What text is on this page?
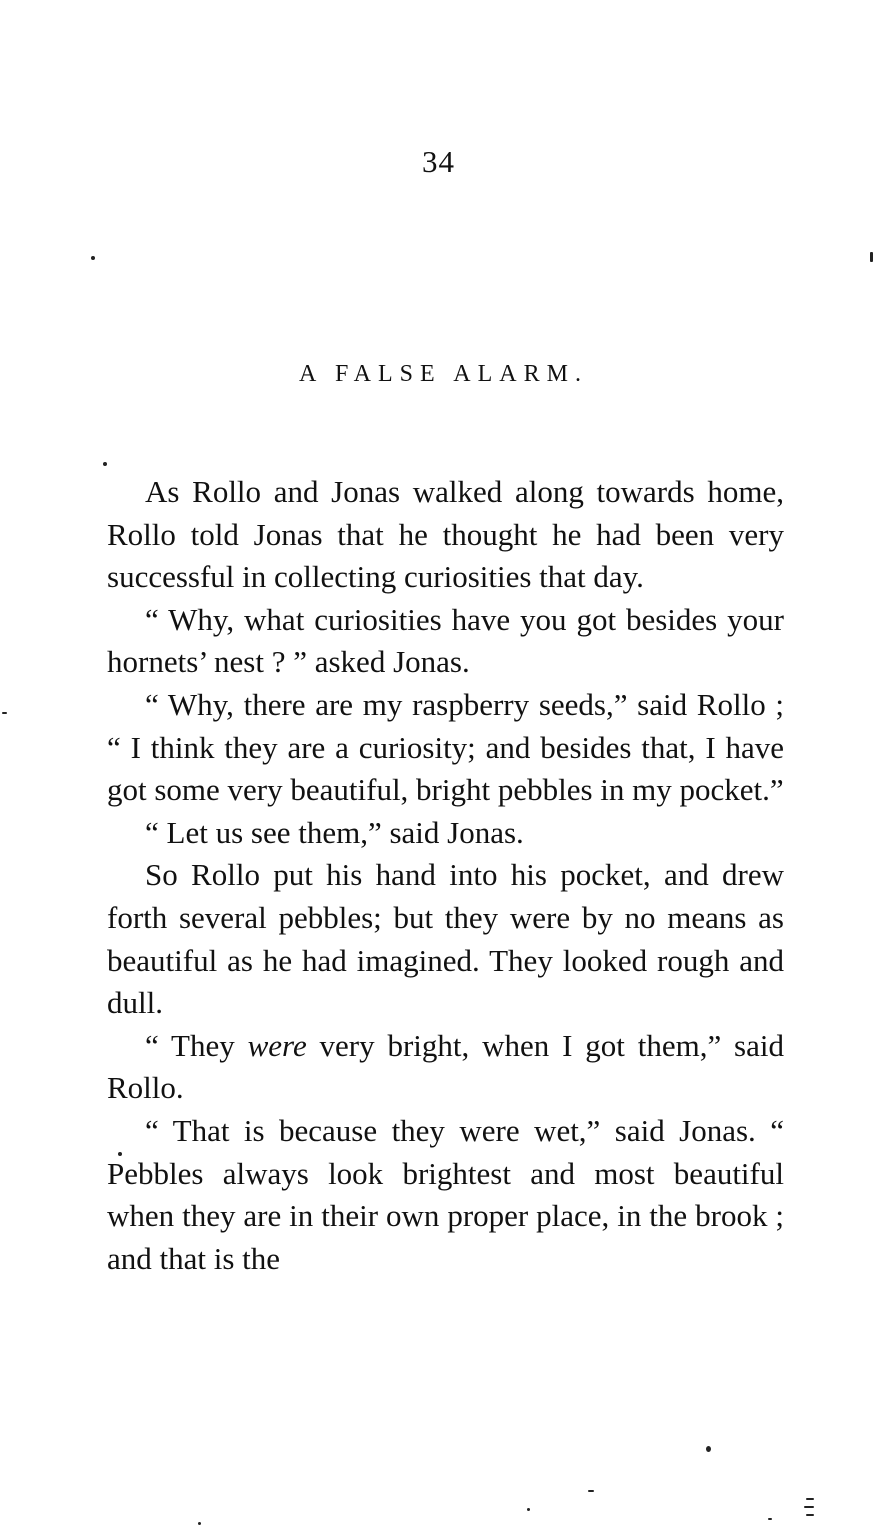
34
A FALSE ALARM.

As Rollo and Jonas walked along towards home, Rollo told Jonas that he thought he had been very successful in collecting curiosities that day.

“ Why, what curiosities have you got besides your hornets’ nest ? ” asked Jonas.

“ Why, there are my raspberry seeds,” said Rollo ; “ I think they are a curiosity; and besides that, I have got some very beautiful, bright pebbles in my pocket.”

“ Let us see them,” said Jonas.

So Rollo put his hand into his pocket, and drew forth several pebbles; but they were by no means as beautiful as he had imagined. They looked rough and dull.

“ They were very bright, when I got them,” said Rollo.

“ That is because they were wet,” said Jonas. “ Pebbles always look brightest and most beautiful when they are in their own proper place, in the brook ; and that is the
